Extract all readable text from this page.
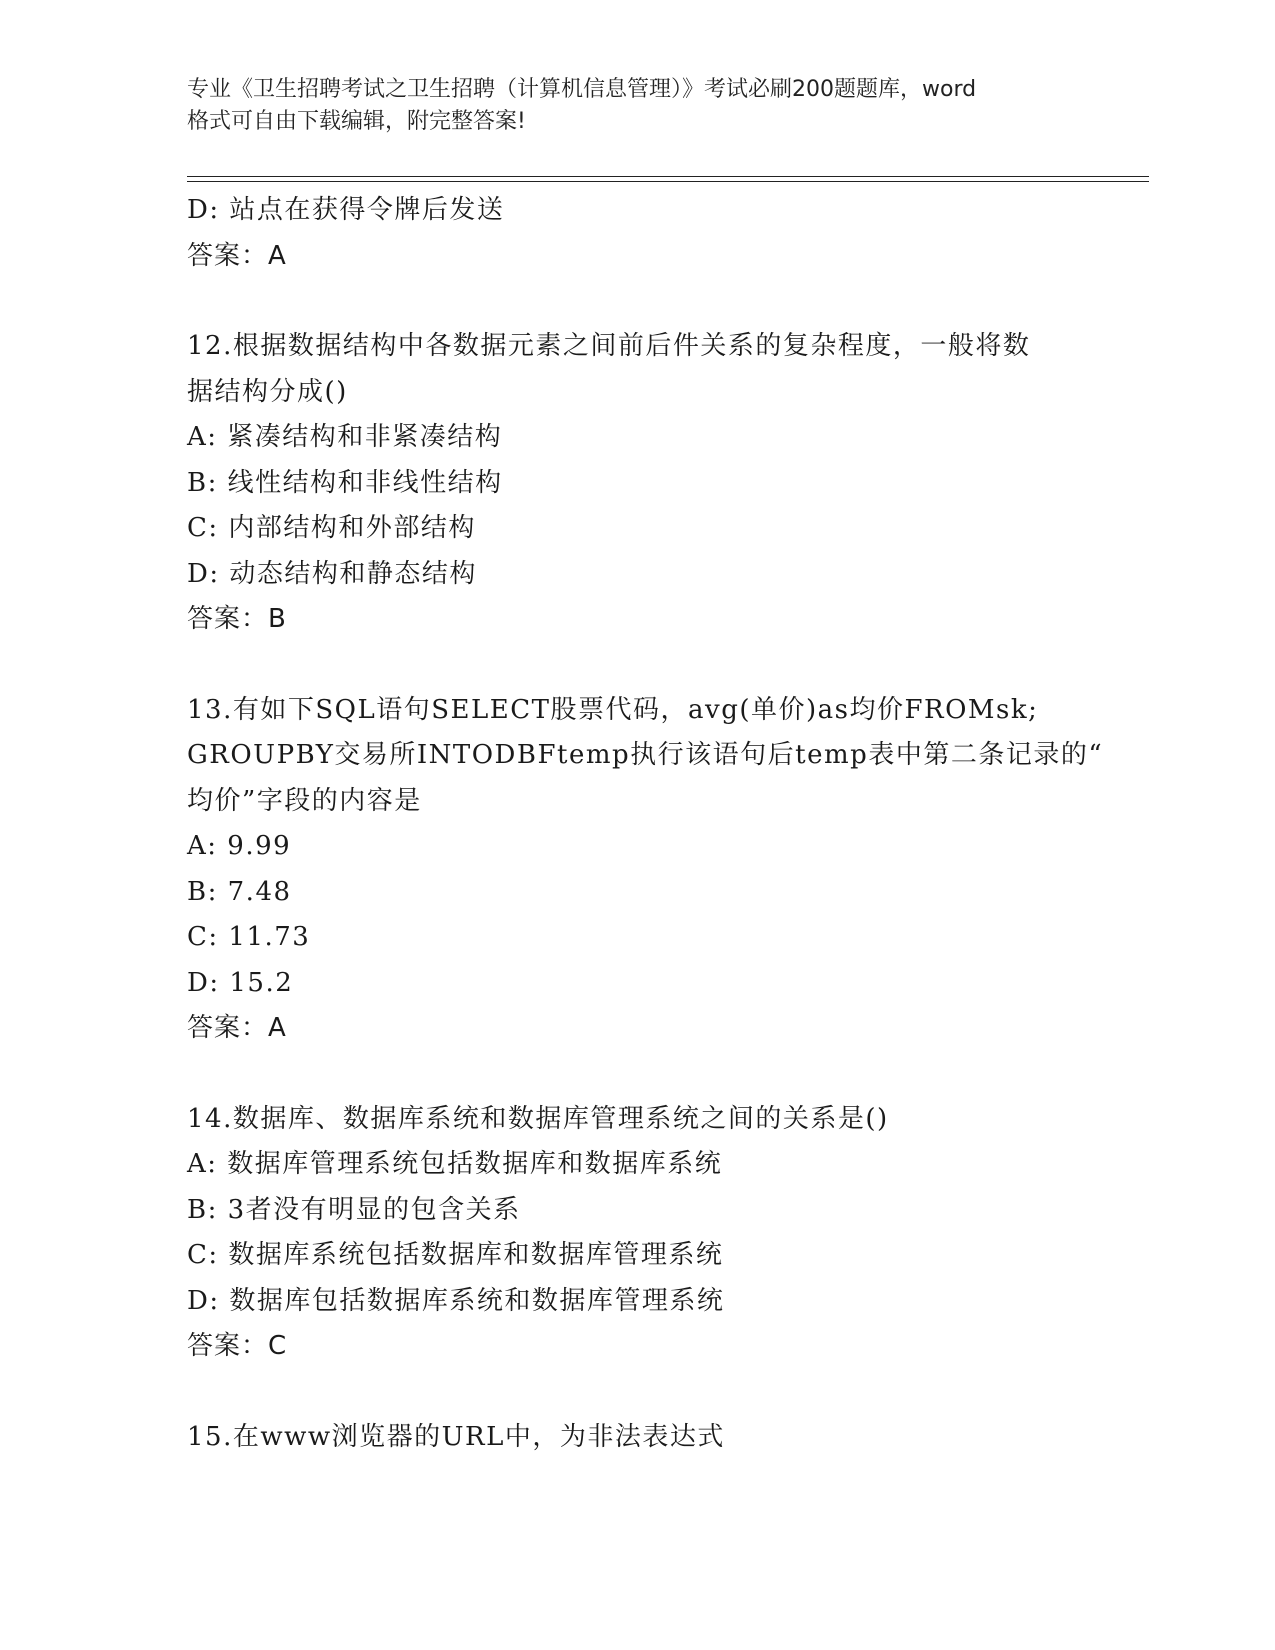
专业《卫生招聘考试之卫生招聘（计算机信息管理）》考试必刷200题题库，word
格式可自由下载编辑，附完整答案!
D: 站点在获得令牌后发送
答案：A
12.根据数据结构中各数据元素之间前后件关系的复杂程度，一般将数
据结构分成()
A: 紧凑结构和非紧凑结构
B: 线性结构和非线性结构
C: 内部结构和外部结构
D: 动态结构和静态结构
答案：B
13.有如下SQL语句SELECT股票代码，avg(单价)as均价FROMsk;
GROUPBY交易所INTODBFtemp执行该语句后temp表中第二条记录的“
均价”字段的内容是
A: 9.99
B: 7.48
C: 11.73
D: 15.2
答案：A
14.数据库、数据库系统和数据库管理系统之间的关系是()
A: 数据库管理系统包括数据库和数据库系统
B: 3者没有明显的包含关系
C: 数据库系统包括数据库和数据库管理系统
D: 数据库包括数据库系统和数据库管理系统
答案：C
15.在www浏览器的URL中，为非法表达式
